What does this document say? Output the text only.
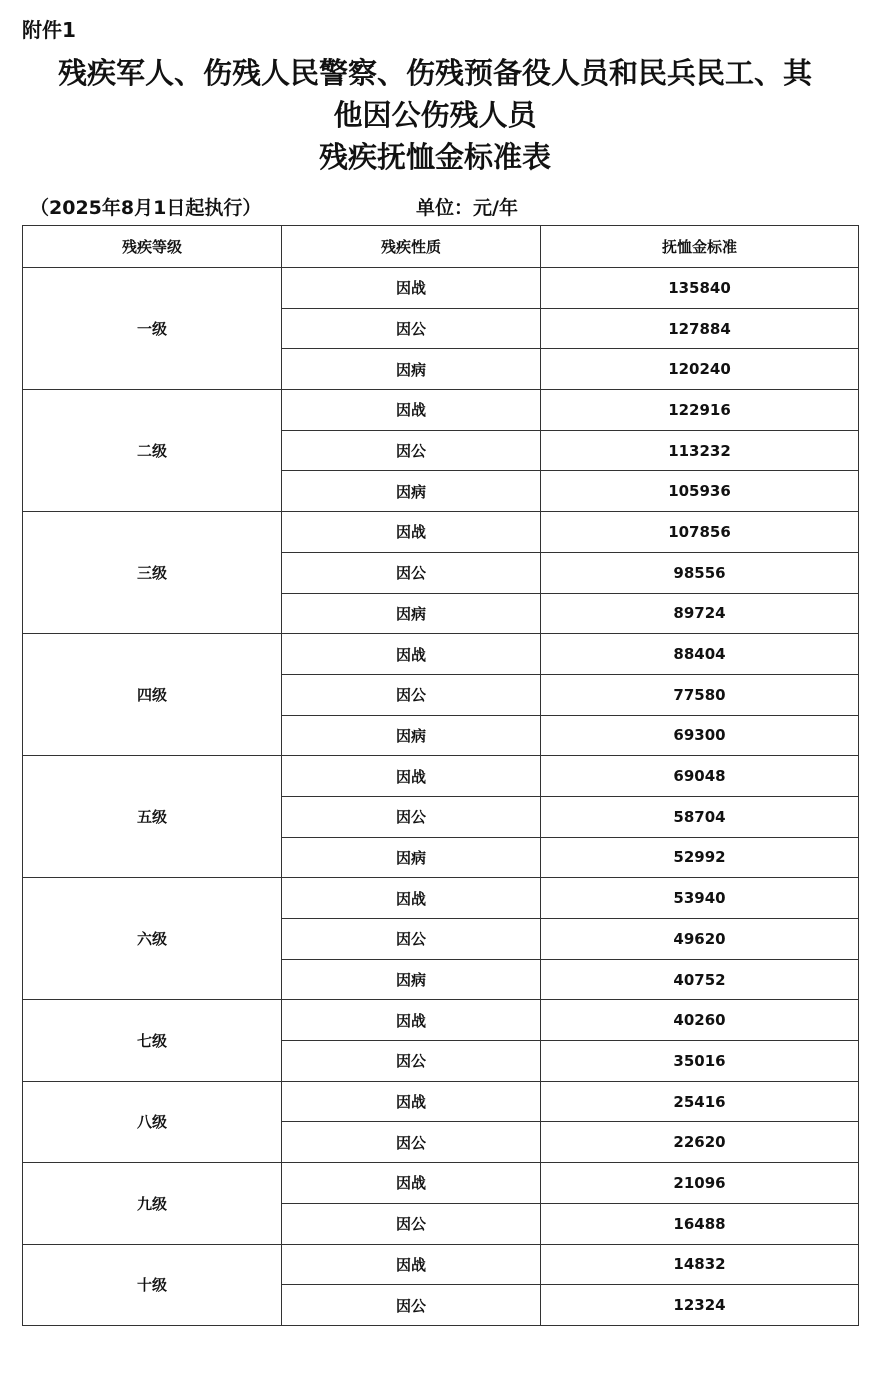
附件1
残疾军人、伤残人民警察、伤残预备役人员和民兵民工、其
他因公伤残人员
残疾抚恤金标准表
（2025年8月1日起执行）	单位：元/年
残疾等级	残疾性质	抚恤金标准
一级	因战	135840
	因公	127884
	因病	120240
二级	因战	122916
	因公	113232
	因病	105936
三级	因战	107856
	因公	98556
	因病	89724
四级	因战	88404
	因公	77580
	因病	69300
五级	因战	69048
	因公	58704
	因病	52992
六级	因战	53940
	因公	49620
	因病	40752
七级	因战	40260
	因公	35016
八级	因战	25416
	因公	22620
九级	因战	21096
	因公	16488
十级	因战	14832
	因公	12324
